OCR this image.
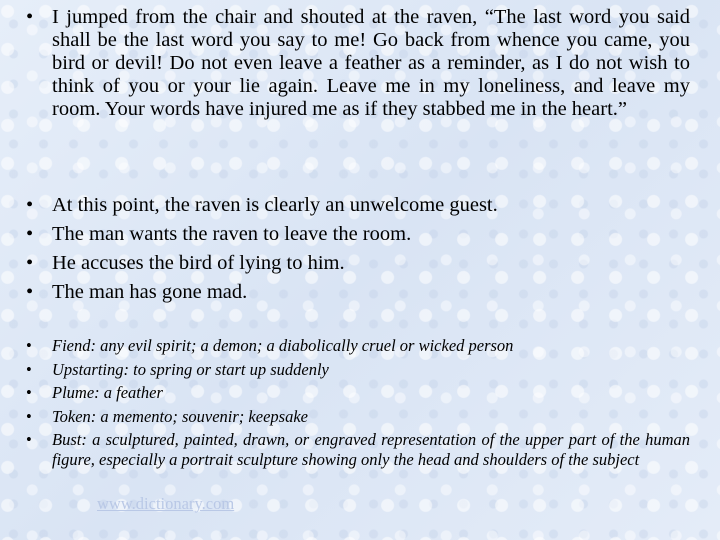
• I jumped from the chair and shouted at the raven, “The last word you said shall be the last word you say to me! Go back from whence you came, you bird or devil! Do not even leave a feather as a reminder, as I do not wish to think of you or your lie again. Leave me in my loneliness, and leave my room. Your words have injured me as if they stabbed me in the heart.”
• At this point, the raven is clearly an unwelcome guest.
• The man wants the raven to leave the room.
• He accuses the bird of lying to him.
• The man has gone mad.
• Fiend: any evil spirit; a demon; a diabolically cruel or wicked person
• Upstarting: to spring or start up suddenly
• Plume: a feather
• Token: a memento; souvenir; keepsake
• Bust: a sculptured, painted, drawn, or engraved representation of the upper part of the human figure, especially a portrait sculpture showing only the head and shoulders of the subject
www.dictionary.com
